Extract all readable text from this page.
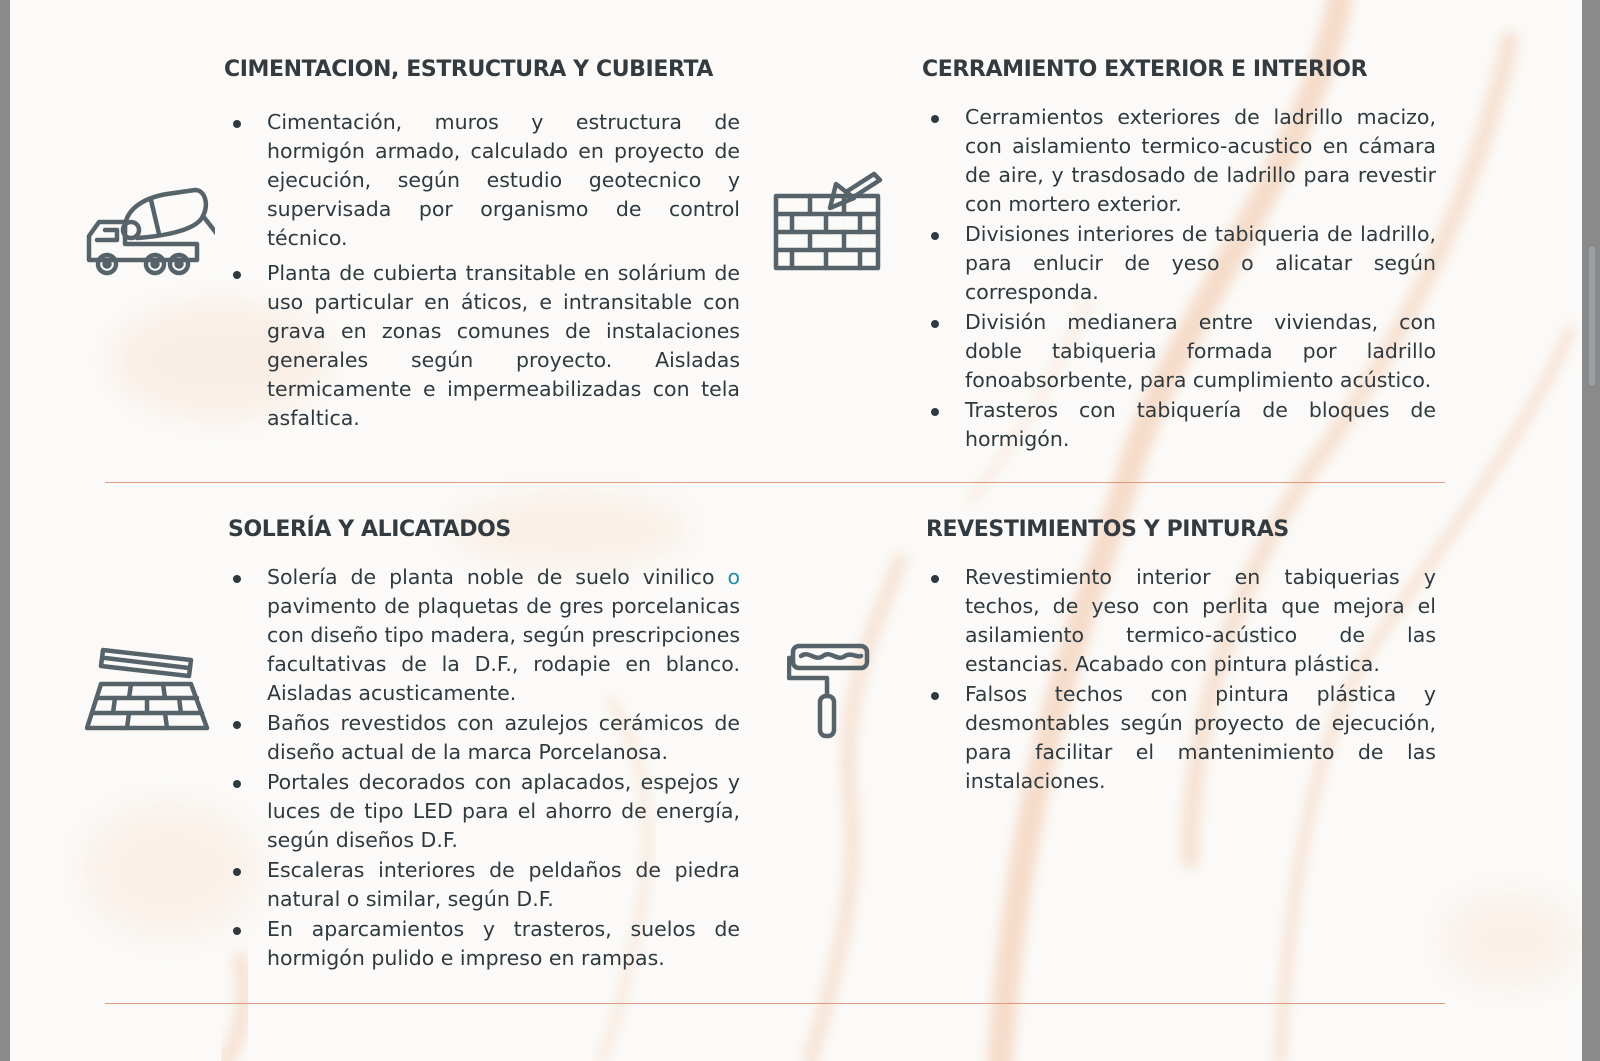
CIMENTACION, ESTRUCTURA Y CUBIERTA
Cimentación, muros y estructura de hormigón armado, calculado en proyecto de ejecución, según estudio geotecnico y supervisada por organismo de control técnico.
Planta de cubierta transitable en solárium de uso particular en áticos, e intransitable con grava en zonas comunes de instalaciones generales según proyecto. Aisladas termicamente e impermeabilizadas con tela asfaltica.
CERRAMIENTO EXTERIOR E INTERIOR
Cerramientos exteriores de ladrillo macizo, con aislamiento termico-acustico en cámara de aire, y trasdosado de ladrillo para revestir con mortero exterior.
Divisiones interiores de tabiqueria de ladrillo, para enlucir de yeso o alicatar según corresponda.
División medianera entre viviendas, con doble tabiqueria formada por ladrillo fonoabsorbente, para cumplimiento acústico.
Trasteros con tabiquería de bloques de hormigón.
SOLERÍA Y ALICATADOS
Solería de planta noble de suelo vinilico o pavimento de plaquetas de gres porcelanicas con diseño tipo madera, según prescripciones facultativas de la D.F., rodapie en blanco. Aisladas acusticamente.
Baños revestidos con azulejos cerámicos de diseño actual de la marca Porcelanosa.
Portales decorados con aplacados, espejos y luces de tipo LED para el ahorro de energía, según diseños D.F.
Escaleras interiores de peldaños de piedra natural o similar, según D.F.
En aparcamientos y trasteros, suelos de hormigón pulido e impreso en rampas.
REVESTIMIENTOS Y PINTURAS
Revestimiento interior en tabiquerias y techos, de yeso con perlita que mejora el asilamiento termico-acústico de las estancias. Acabado con pintura plástica.
Falsos techos con pintura plástica y desmontables según proyecto de ejecución, para facilitar el mantenimiento de las instalaciones.
